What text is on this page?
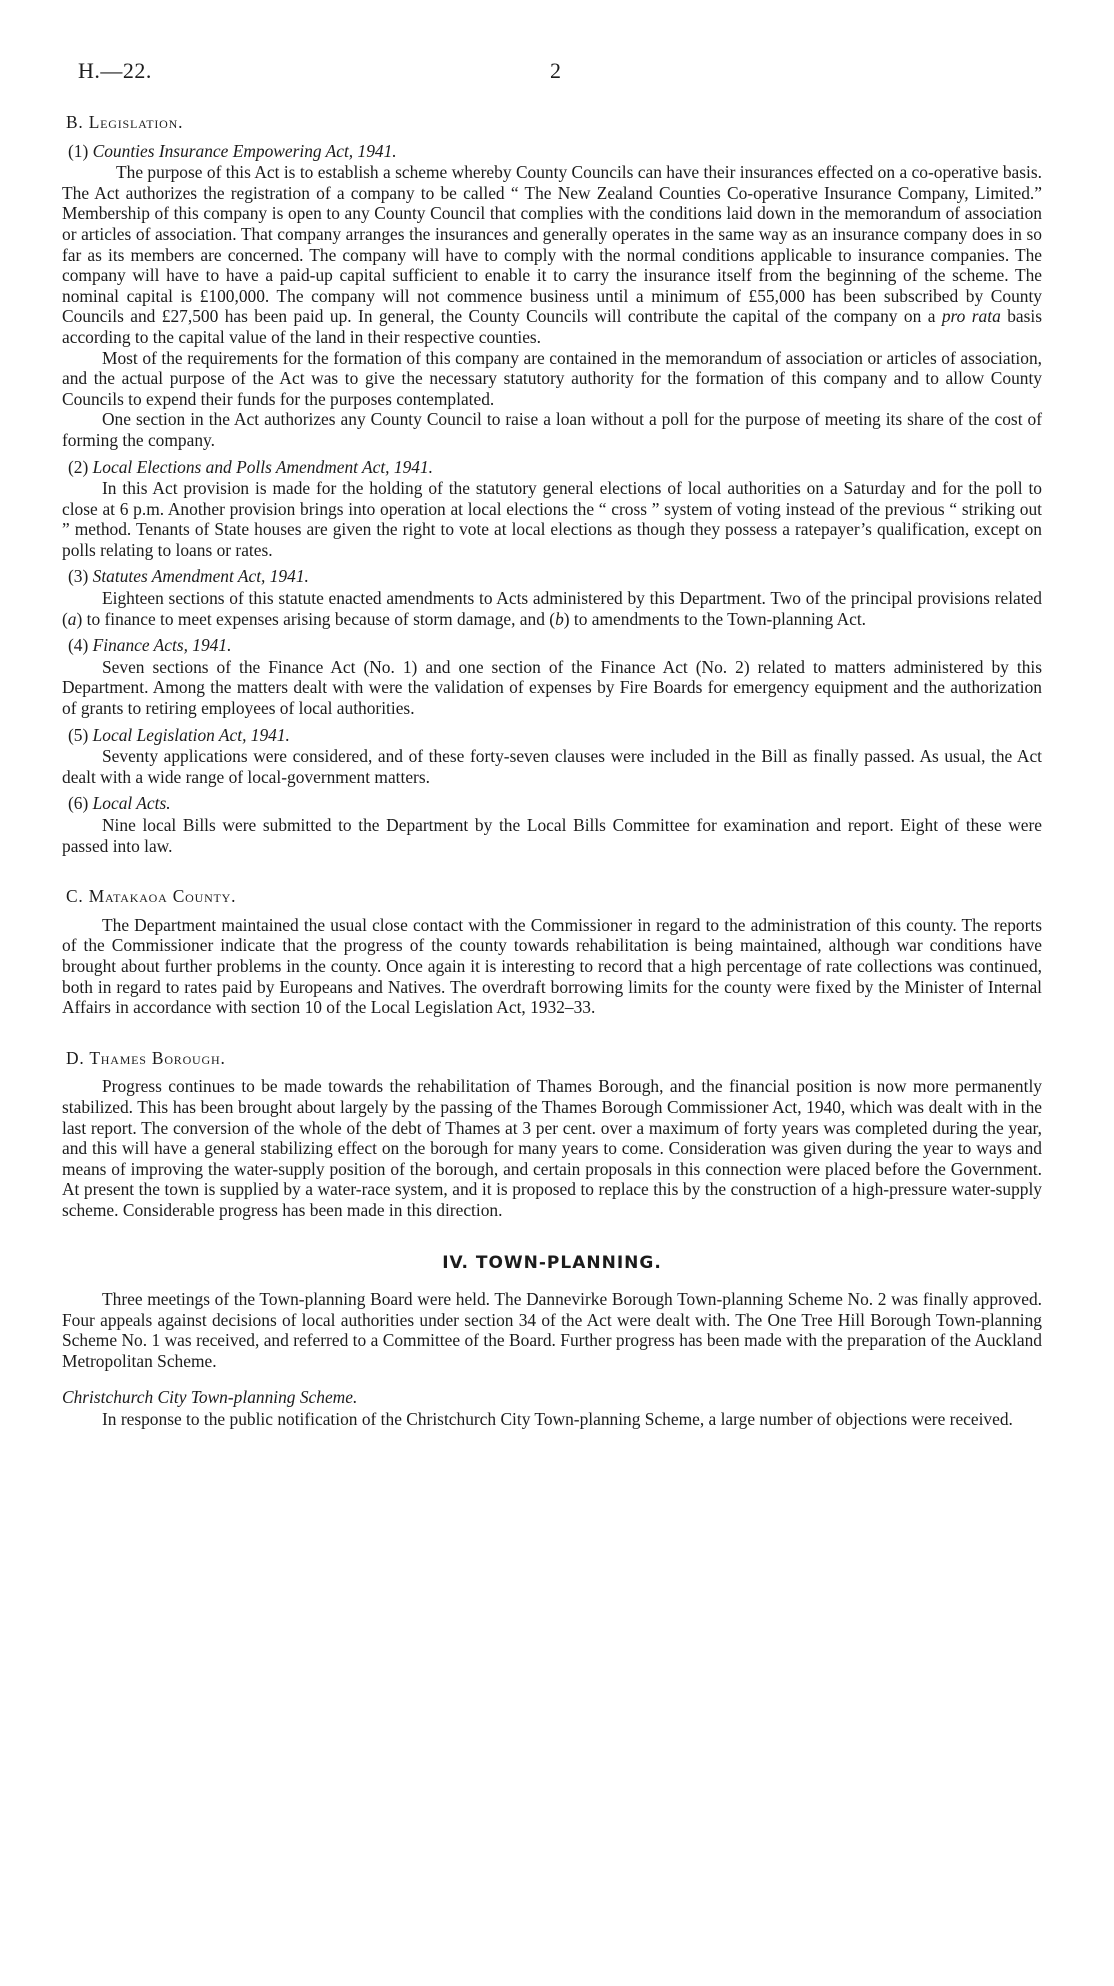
H.—22.	2
B. Legislation.
(1) Counties Insurance Empowering Act, 1941.

The purpose of this Act is to establish a scheme whereby County Councils can have their insurances effected on a co-operative basis. The Act authorizes the registration of a company to be called “ The New Zealand Counties Co-operative Insurance Company, Limited.” Membership of this company is open to any County Council that complies with the conditions laid down in the memorandum of association or articles of association. That company arranges the insurances and generally operates in the same way as an insurance company does in so far as its members are concerned. The company will have to comply with the normal conditions applicable to insurance companies. The company will have to have a paid-up capital sufficient to enable it to carry the insurance itself from the beginning of the scheme. The nominal capital is £100,000. The company will not commence business until a minimum of £55,000 has been subscribed by County Councils and £27,500 has been paid up. In general, the County Councils will contribute the capital of the company on a pro rata basis according to the capital value of the land in their respective counties.

Most of the requirements for the formation of this company are contained in the memorandum of association or articles of association, and the actual purpose of the Act was to give the necessary statutory authority for the formation of this company and to allow County Councils to expend their funds for the purposes contemplated.

One section in the Act authorizes any County Council to raise a loan without a poll for the purpose of meeting its share of the cost of forming the company.

(2) Local Elections and Polls Amendment Act, 1941.

In this Act provision is made for the holding of the statutory general elections of local authorities on a Saturday and for the poll to close at 6 p.m. Another provision brings into operation at local elections the “ cross ” system of voting instead of the previous “ striking out ” method. Tenants of State houses are given the right to vote at local elections as though they possess a ratepayer’s qualification, except on polls relating to loans or rates.

(3) Statutes Amendment Act, 1941.

Eighteen sections of this statute enacted amendments to Acts administered by this Department. Two of the principal provisions related (a) to finance to meet expenses arising because of storm damage, and (b) to amendments to the Town-planning Act.

(4) Finance Acts, 1941.

Seven sections of the Finance Act (No. 1) and one section of the Finance Act (No. 2) related to matters administered by this Department. Among the matters dealt with were the validation of expenses by Fire Boards for emergency equipment and the authorization of grants to retiring employees of local authorities.

(5) Local Legislation Act, 1941.

Seventy applications were considered, and of these forty-seven clauses were included in the Bill as finally passed. As usual, the Act dealt with a wide range of local-government matters.

(6) Local Acts.

Nine local Bills were submitted to the Department by the Local Bills Committee for examination and report. Eight of these were passed into law.

C. Matakaoa County.

The Department maintained the usual close contact with the Commissioner in regard to the administration of this county. The reports of the Commissioner indicate that the progress of the county towards rehabilitation is being maintained, although war conditions have brought about further problems in the county. Once again it is interesting to record that a high percentage of rate collections was continued, both in regard to rates paid by Europeans and Natives. The overdraft borrowing limits for the county were fixed by the Minister of Internal Affairs in accordance with section 10 of the Local Legislation Act, 1932–33.

D. Thames Borough.

Progress continues to be made towards the rehabilitation of Thames Borough, and the financial position is now more permanently stabilized. This has been brought about largely by the passing of the Thames Borough Commissioner Act, 1940, which was dealt with in the last report. The conversion of the whole of the debt of Thames at 3 per cent. over a maximum of forty years was completed during the year, and this will have a general stabilizing effect on the borough for many years to come. Consideration was given during the year to ways and means of improving the water-supply position of the borough, and certain proposals in this connection were placed before the Government. At present the town is supplied by a water-race system, and it is proposed to replace this by the construction of a high-pressure water-supply scheme. Considerable progress has been made in this direction.

IV. TOWN-PLANNING.

Three meetings of the Town-planning Board were held. The Dannevirke Borough Town-planning Scheme No. 2 was finally approved. Four appeals against decisions of local authorities under section 34 of the Act were dealt with. The One Tree Hill Borough Town-planning Scheme No. 1 was received, and referred to a Committee of the Board. Further progress has been made with the preparation of the Auckland Metropolitan Scheme.

Christchurch City Town-planning Scheme.

In response to the public notification of the Christchurch City Town-planning Scheme, a large number of objections were received.
